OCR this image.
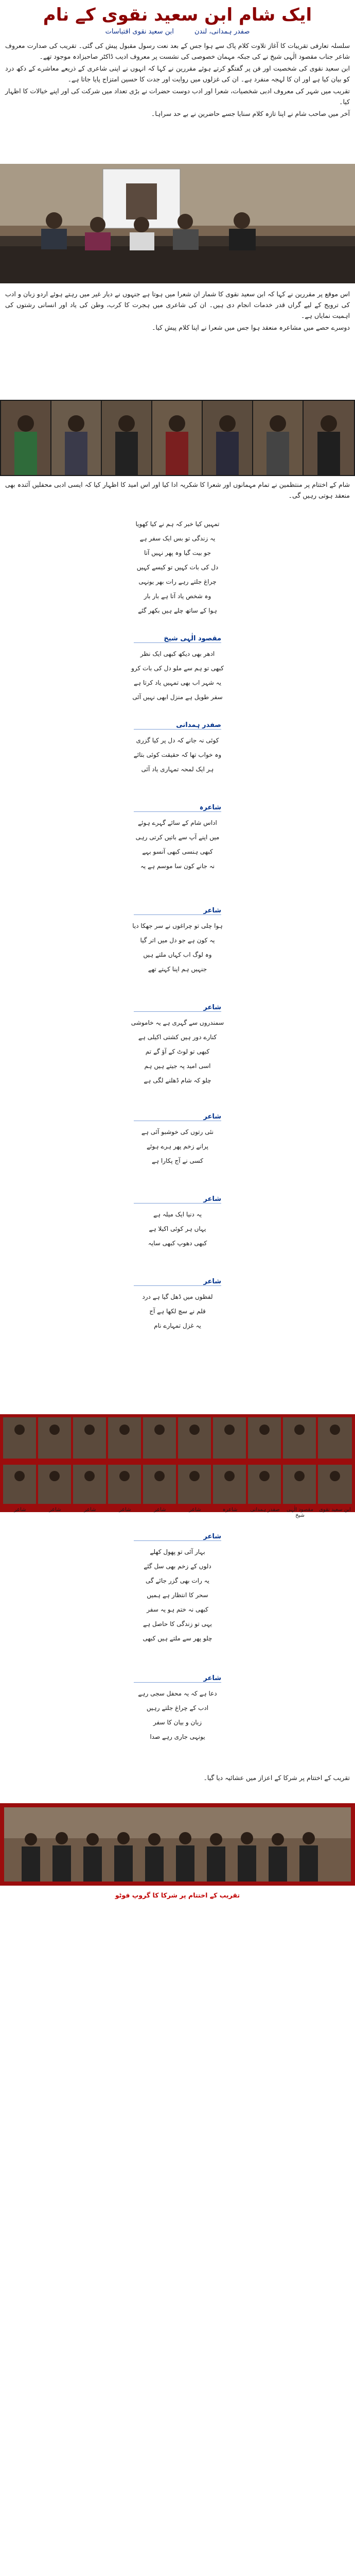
ایک شام ابن سعید نقوی کے نام
صفدر ہمدانی، لندن ابن سعید نقوی اقتباسات

سلسلہ تعارفی تقریبات کا آغاز تلاوت کلام پاک سے ہوا جس کے بعد نعت رسول مقبول پیش کی گئی۔ تقریب کی صدارت معروف شاعر جناب مقصود الٰہی شیخ نے کی جبکہ مہمان خصوصی کی نشست پر معروف ادیب ڈاکٹر صاحبزادہ موجود تھے۔

ابن سعید نقوی کی شخصیت اور فن پر گفتگو کرتے ہوئے مقررین نے کہا کہ انہوں نے اپنی شاعری کے ذریعے معاشرے کے دکھ درد کو بیان کیا ہے اور ان کا لہجہ منفرد ہے۔ ان کی غزلوں میں روایت اور جدت کا حسین امتزاج پایا جاتا ہے۔

تقریب میں شہر کی معروف ادبی شخصیات، شعرا اور ادب دوست حضرات نے بڑی تعداد میں شرکت کی اور اپنے خیالات کا اظہار کیا۔

آخر میں صاحب شام نے اپنا تازہ کلام سنایا جسے حاضرین نے بے حد سراہا۔

اس موقع پر مقررین نے کہا کہ ابن سعید نقوی کا شمار ان شعرا میں ہوتا ہے جنہوں نے دیار غیر میں رہتے ہوئے اردو زبان و ادب کی ترویج کے لیے گراں قدر خدمات انجام دی ہیں۔ ان کی شاعری میں ہجرت کا کرب، وطن کی یاد اور انسانی رشتوں کی اہمیت نمایاں ہے۔

دوسرے حصے میں مشاعرہ منعقد ہوا جس میں شعرا نے اپنا کلام پیش کیا۔

شام کے اختتام پر منتظمین نے تمام مہمانوں اور شعرا کا شکریہ ادا کیا اور اس امید کا اظہار کیا کہ ایسی ادبی محفلیں آئندہ بھی منعقد ہوتی رہیں گی۔

تمہیں کیا خبر کہ ہم نے کیا کھویا
یہ زندگی تو بس ایک سفر ہے
جو بیت گیا وہ پھر نہیں آتا
دل کی بات کہیں تو کیسے کہیں
چراغ جلتے رہے رات بھر یونہی
وہ شخص یاد آتا ہے بار بار
ہوا کے ساتھ چلے ہیں بکھر گئے
مقصود الٰہی شیخ
ادھر بھی دیکھ کبھی ایک نظر
کبھی تو ہم سے ملو دل کی بات کرو
یہ شہر اب بھی تمہیں یاد کرتا ہے
سفر طویل ہے منزل ابھی نہیں آئی
صفدر ہمدانی
کوئی نہ جانے کہ دل پر کیا گزری
وہ خواب تھا کہ حقیقت کوئی بتائے
ہر ایک لمحہ تمہاری یاد آئی
شاعرہ
اداس شام کے سائے گہرے ہوئے
میں اپنے آپ سے باتیں کرتی رہی
کبھی ہنسی کبھی آنسو بہے
نہ جانے کون سا موسم ہے یہ
شاعر
ہوا چلی تو چراغوں نے سر جھکا دیا
یہ کون ہے جو دل میں اتر گیا
وہ لوگ اب کہاں ملتے ہیں
جنہیں ہم اپنا کہتے تھے
شاعر
سمندروں سے گہری ہے یہ خاموشی
کنارے دور ہیں کشتی اکیلی ہے
کبھی تو لوٹ کے آؤ گے تم
اسی امید پہ جیتے ہیں ہم
چلو کہ شام ڈھلنے لگی ہے
شاعر
نئی رتوں کی خوشبو آئی ہے
پرانے زخم پھر ہرے ہوئے
کسی نے آج پکارا ہے
شاعر
یہ دنیا ایک میلہ ہے
یہاں ہر کوئی اکیلا ہے
کبھی دھوپ کبھی سایہ
شاعر
لفظوں میں ڈھل گیا ہے درد
قلم نے سچ لکھا ہے آج
یہ غزل تمہارے نام
ابن سعید نقوی
مقصود الٰہی شیخ
صفدر ہمدانی
شاعرہ
شاعر
شاعر
شاعر
شاعر
شاعر
شاعر
شاعر
بہار آئی تو پھول کھلے
دلوں کے زخم بھی سل گئے
یہ رات بھی گزر جائے گی
سحر کا انتظار ہے ہمیں
کبھی نہ ختم ہو یہ سفر
یہی تو زندگی کا حاصل ہے
چلو پھر سے ملتے ہیں کبھی
شاعر
دعا ہے کہ یہ محفل سجی رہے
ادب کے چراغ جلتے رہیں
زبان و بیان کا سفر
یونہی جاری رہے صدا

تقریب کے اختتام پر شرکا کے اعزاز میں عشائیہ دیا گیا۔

تقریب کے اختتام پر شرکا کا گروپ فوٹو
